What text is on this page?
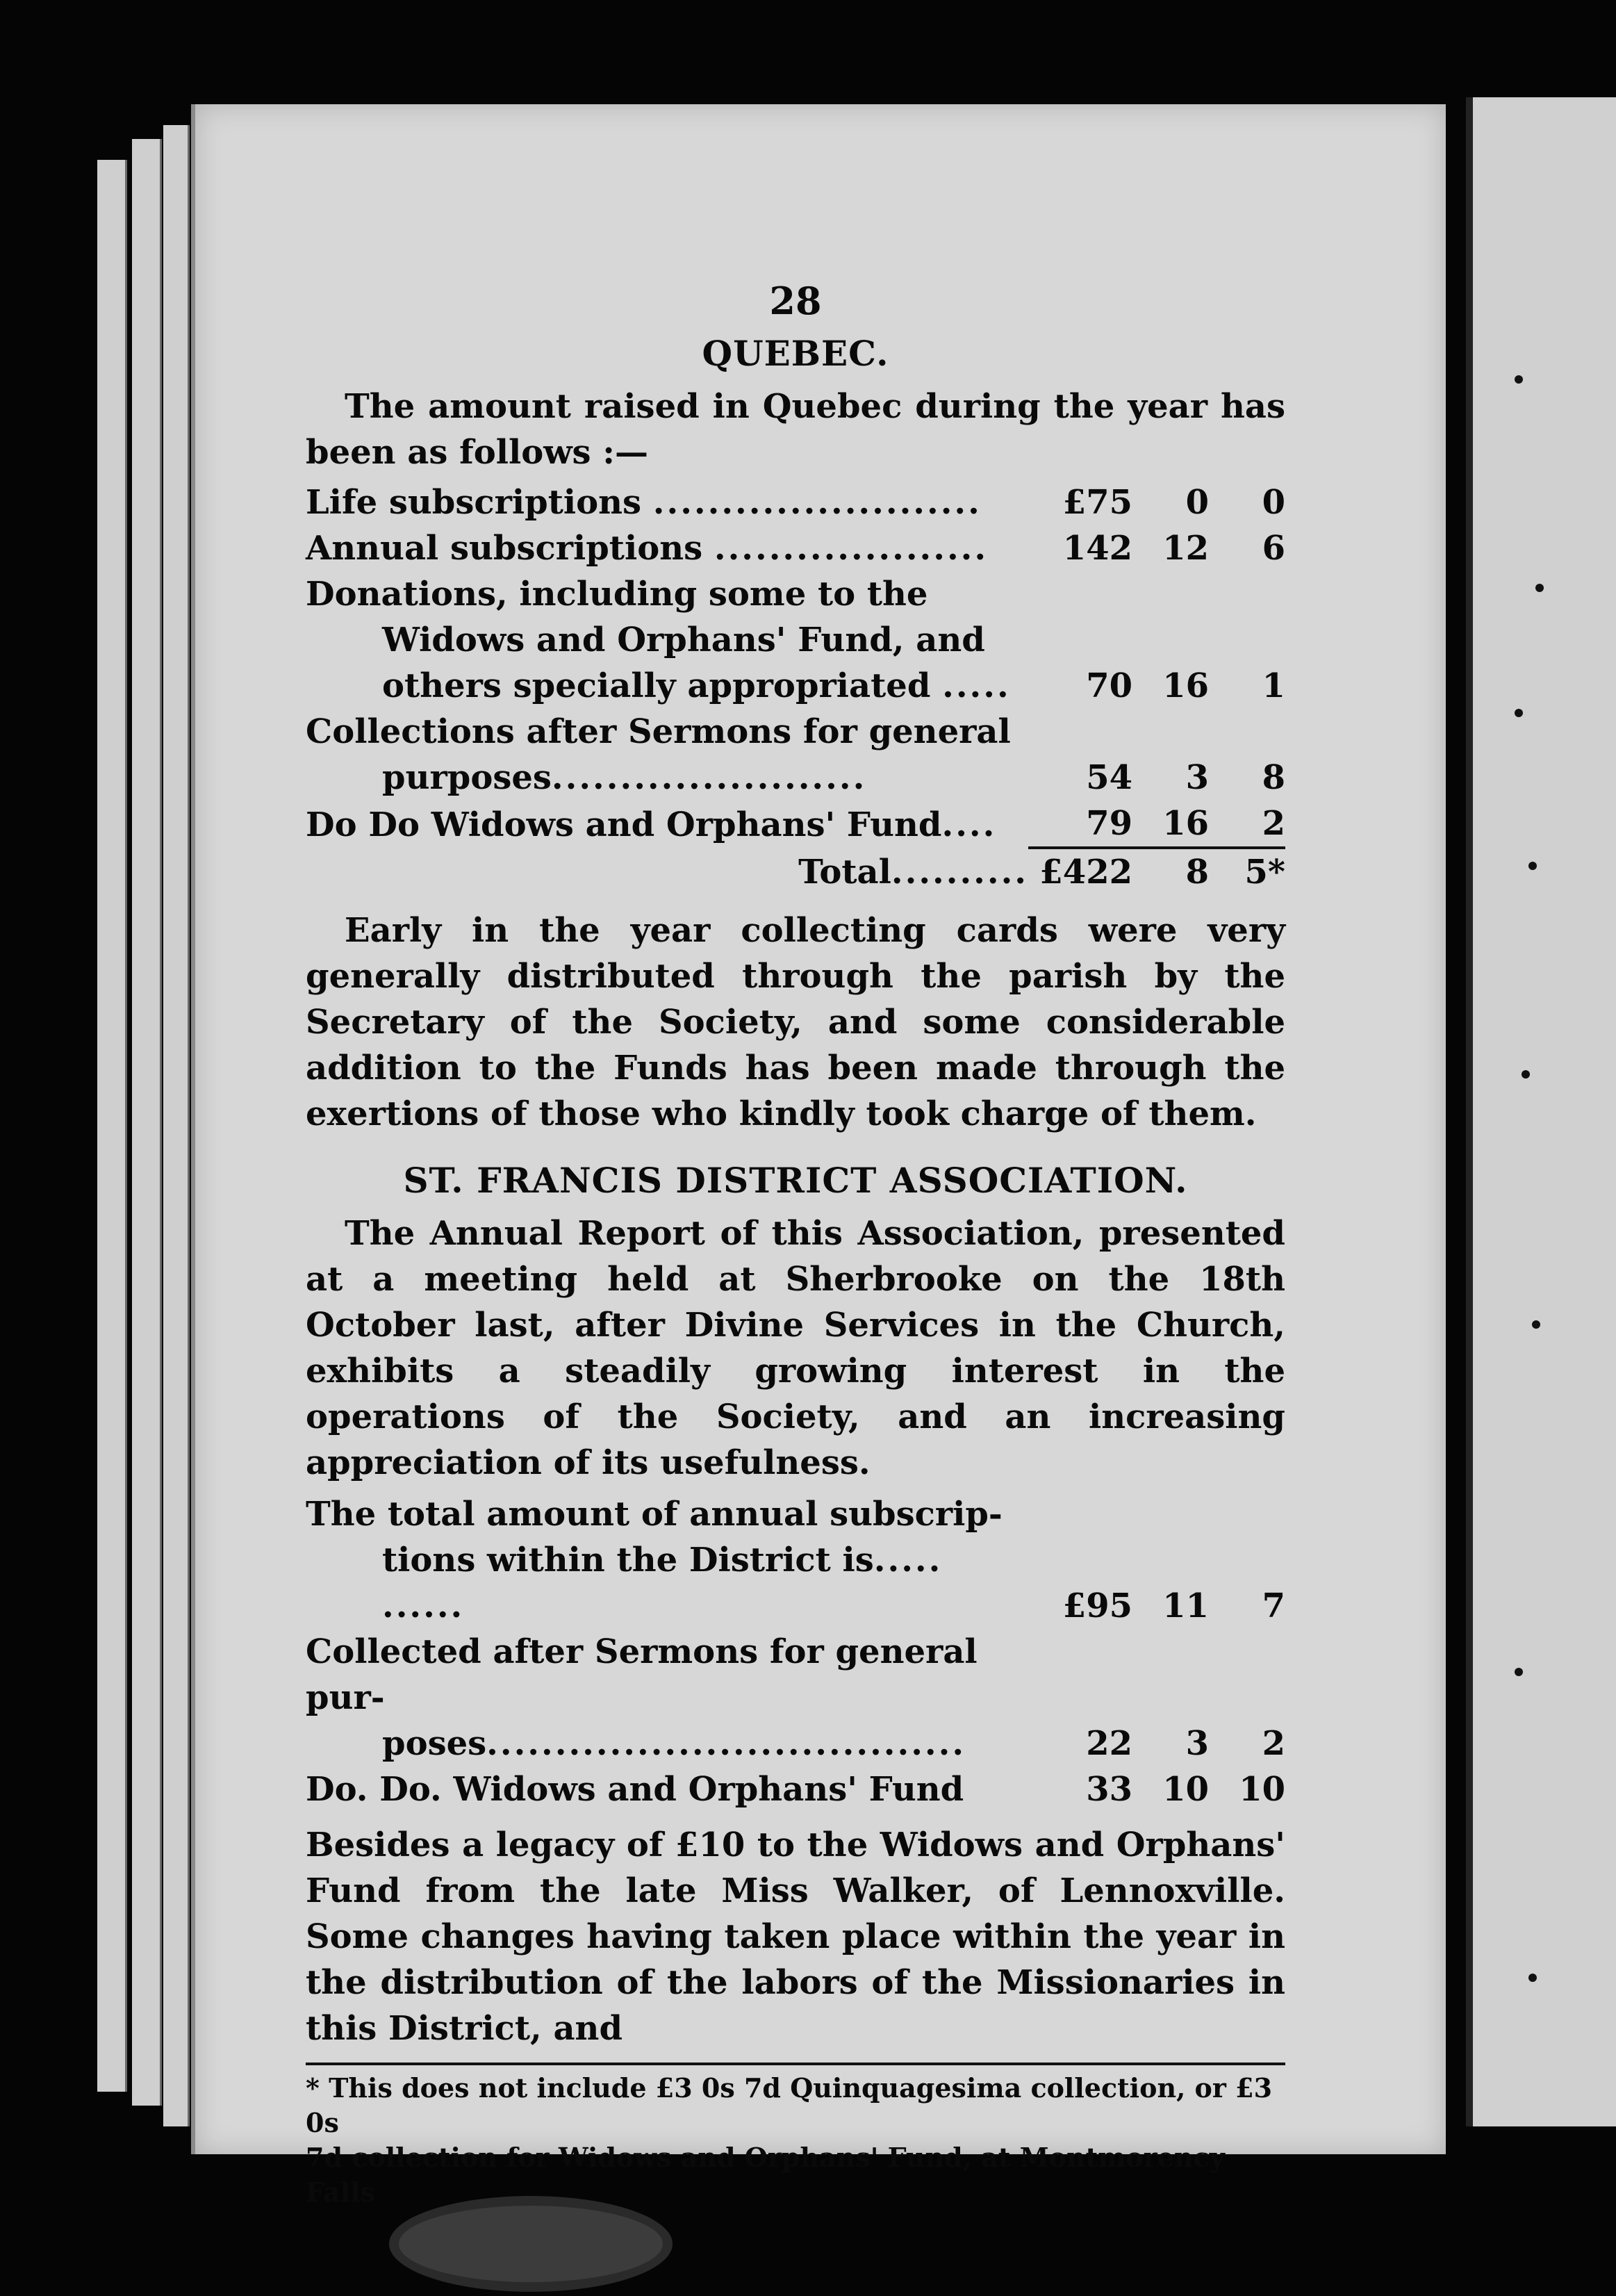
28
QUEBEC.

The amount raised in Quebec during the year has been as follows :—

Life subscriptions ........................	£75	0	0
Annual subscriptions ....................	142	12	6
Donations, including some to the
Widows and Orphans' Fund, and
others specially appropriated .....	70	16	1
Collections after Sermons for general
purposes.......................	54	3	8
Do Do Widows and Orphans' Fund....	79	16	2

Total..........	£422	8	5*

Early in the year collecting cards were very generally distributed through the parish by the Secretary of the Society, and some considerable addition to the Funds has been made through the exertions of those who kindly took charge of them.

ST. FRANCIS DISTRICT ASSOCIATION.

The Annual Report of this Association, presented at a meeting held at Sherbrooke on the 18th October last, after Divine Services in the Church, exhibits a steadily growing interest in the operations of the Society, and an increasing appreciation of its usefulness.

The total amount of annual subscrip-
tions within the District is..... ......	£95	11	7
Collected after Sermons for general pur-
poses...................................	22	3	2
Do. Do. Widows and Orphans' Fund	33	10	10

Besides a legacy of £10 to the Widows and Orphans' Fund from the late Miss Walker, of Lennoxville. Some changes having taken place within the year in the distribution of the labors of the Missionaries in this District, and

* This does not include £3 0s 7d Quinquagesima collection, or £3 0s
7d collection for Widows and Orphans' Fund, at Montmorency Falls
